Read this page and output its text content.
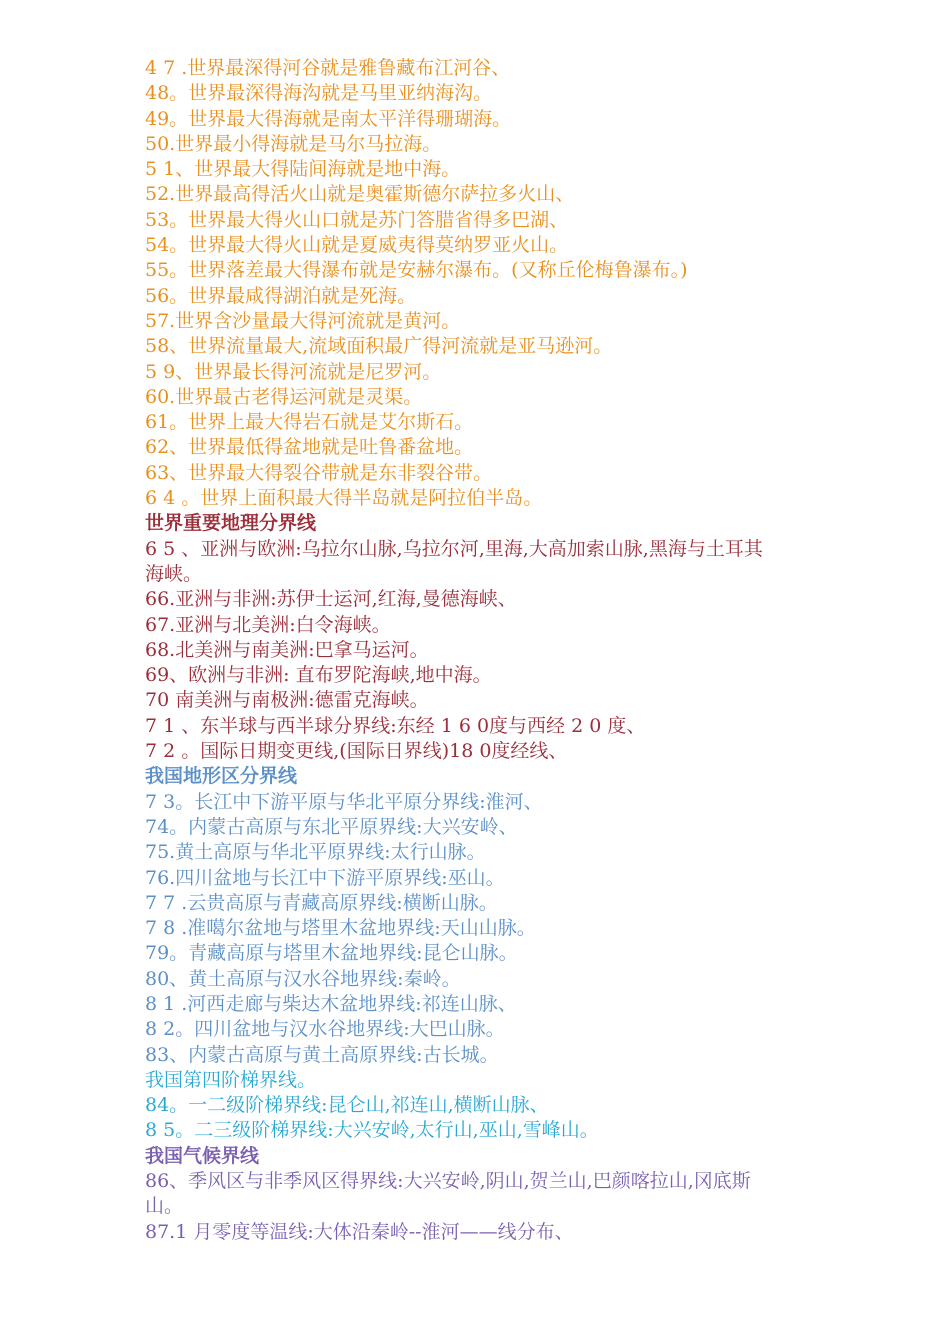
4 7 .世界最深得河谷就是雅鲁藏布江河谷、

48。世界最深得海沟就是马里亚纳海沟。

49。世界最大得海就是南太平洋得珊瑚海。

50.世界最小得海就是马尔马拉海。

5 1、世界最大得陆间海就是地中海。

52.世界最高得活火山就是奥霍斯德尔萨拉多火山、

53。世界最大得火山口就是苏门答腊省得多巴湖、

54。世界最大得火山就是夏威夷得莫纳罗亚火山。

55。世界落差最大得瀑布就是安赫尔瀑布。(又称丘伦梅鲁瀑布。)

56。世界最咸得湖泊就是死海。

57.世界含沙量最大得河流就是黄河。

58、世界流量最大,流域面积最广得河流就是亚马逊河。

5 9、世界最长得河流就是尼罗河。

60.世界最古老得运河就是灵渠。

61。世界上最大得岩石就是艾尔斯石。

62、世界最低得盆地就是吐鲁番盆地。

63、世界最大得裂谷带就是东非裂谷带。

6 4 。世界上面积最大得半岛就是阿拉伯半岛。

世界重要地理分界线

6 5 、亚洲与欧洲:乌拉尔山脉,乌拉尔河,里海,大高加索山脉,黑海与土耳其海峡。

66.亚洲与非洲:苏伊士运河,红海,曼德海峡、

67.亚洲与北美洲:白令海峡。

68.北美洲与南美洲:巴拿马运河。

69、欧洲与非洲: 直布罗陀海峡,地中海。

70 南美洲与南极洲:德雷克海峡。

7 1 、东半球与西半球分界线:东经 1 6 0度与西经 2 0 度、

7 2 。国际日期变更线,(国际日界线)18 0度经线、

我国地形区分界线

7 3。长江中下游平原与华北平原分界线:淮河、

74。内蒙古高原与东北平原界线:大兴安岭、

75.黄土高原与华北平原界线:太行山脉。

76.四川盆地与长江中下游平原界线:巫山。

7 7 .云贵高原与青藏高原界线:横断山脉。

7 8 .准噶尔盆地与塔里木盆地界线:天山山脉。

79。青藏高原与塔里木盆地界线:昆仑山脉。

80、黄土高原与汉水谷地界线:秦岭。

8 1 .河西走廊与柴达木盆地界线:祁连山脉、

8 2。四川盆地与汉水谷地界线:大巴山脉。

83、内蒙古高原与黄土高原界线:古长城。

我国第四阶梯界线。

84。一二级阶梯界线:昆仑山,祁连山,横断山脉、

8 5。二三级阶梯界线:大兴安岭,太行山,巫山,雪峰山。

我国气候界线

86、季风区与非季风区得界线:大兴安岭,阴山,贺兰山,巴颜喀拉山,冈底斯山。

87.1 月零度等温线:大体沿秦岭--淮河——线分布、
